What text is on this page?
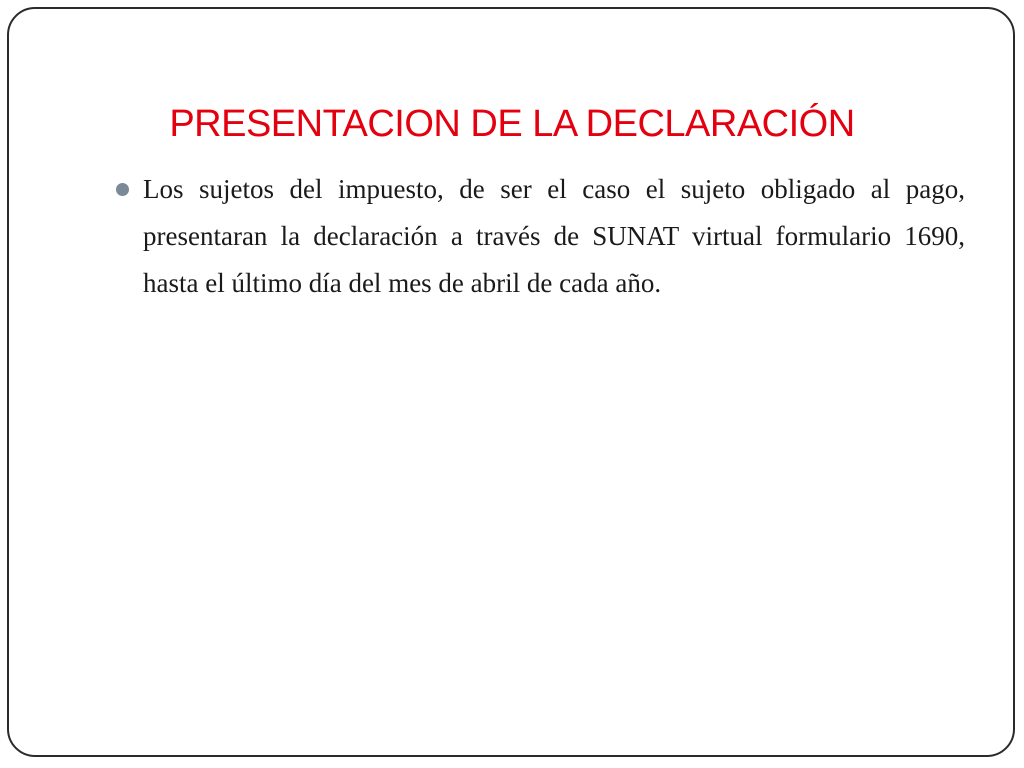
PRESENTACION DE LA DECLARACIÓN
Los sujetos del impuesto, de ser el caso el sujeto obligado al pago, presentaran la declaración a través de SUNAT virtual formulario 1690, hasta el último día del mes de abril de cada año.
